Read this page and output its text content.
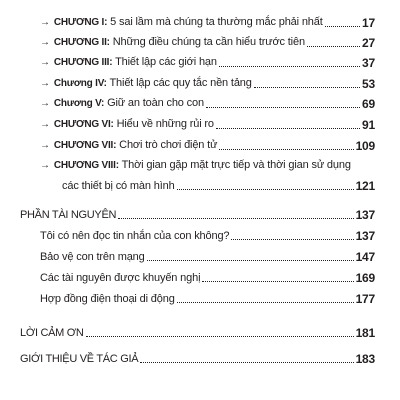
→ CHƯƠNG I: 5 sai lầm mà chúng ta thường mắc phải nhất	17
→ CHƯƠNG II: Những điều chúng ta cần hiểu trước tiên	27
→ CHƯƠNG III: Thiết lập các giới hạn	37
→ Chương IV: Thiết lập các quy tắc nền tảng	53
→ Chương V: Giữ an toàn cho con	69
→ CHƯƠNG VI: Hiểu về những rủi ro	91
→ CHƯƠNG VII: Chơi trò chơi điện tử	109
→ CHƯƠNG VIII: Thời gian gặp mặt trực tiếp và thời gian sử dụng
các thiết bị có màn hình	121
PHẦN TÀI NGUYÊN	137
Tôi có nên đọc tin nhắn của con không?	137
Bảo vệ con trên mạng	147
Các tài nguyên được khuyến nghị	169
Hợp đồng điện thoại di động	177
LỜI CẢM ƠN	181
GIỚI THIỆU VỀ TÁC GIẢ	183
